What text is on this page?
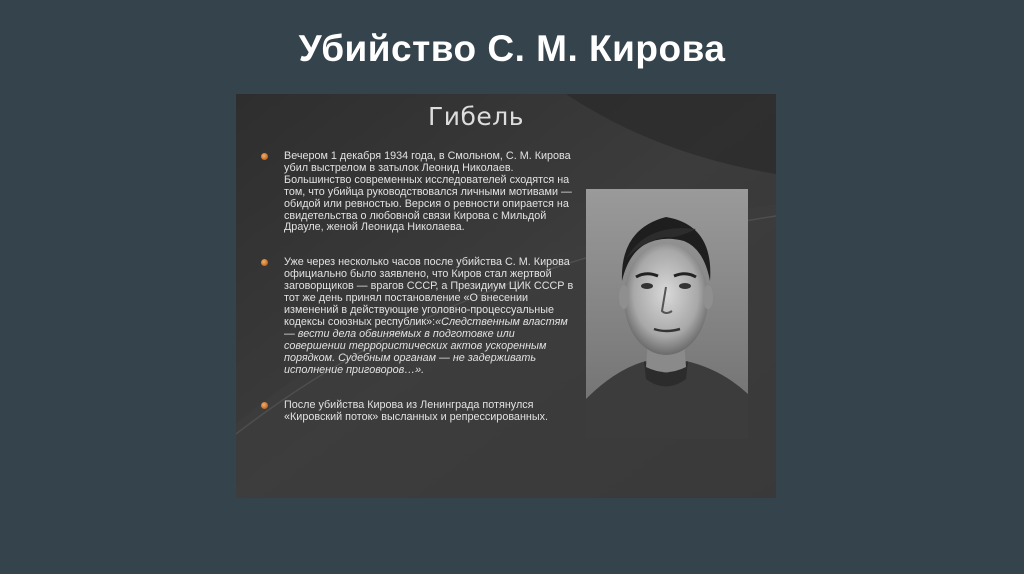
Убийство С. М. Кирова
Гибель
Вечером 1 декабря 1934 года, в Смольном, С. М. Кирова убил выстрелом в затылок Леонид Николаев. Большинство современных исследователей сходятся на том, что убийца руководствовался личными мотивами — обидой или ревностью. Версия о ревности опирается на свидетельства о любовной связи Кирова с Мильдой Драуле, женой Леонида Николаева.
Уже через несколько часов после убийства С. М. Кирова официально было заявлено, что Киров стал жертвой заговорщиков — врагов СССР, а Президиум ЦИК СССР в тот же день принял постановление «О внесении изменений в действующие уголовно-процессуальные кодексы союзных республик»:«Следственным властям — вести дела обвиняемых в подготовке или совершении террористических актов ускоренным порядком. Судебным органам — не задерживать исполнение приговоров…».
После убийства Кирова из Ленинграда потянулся «Кировский поток» высланных и репрессированных.
